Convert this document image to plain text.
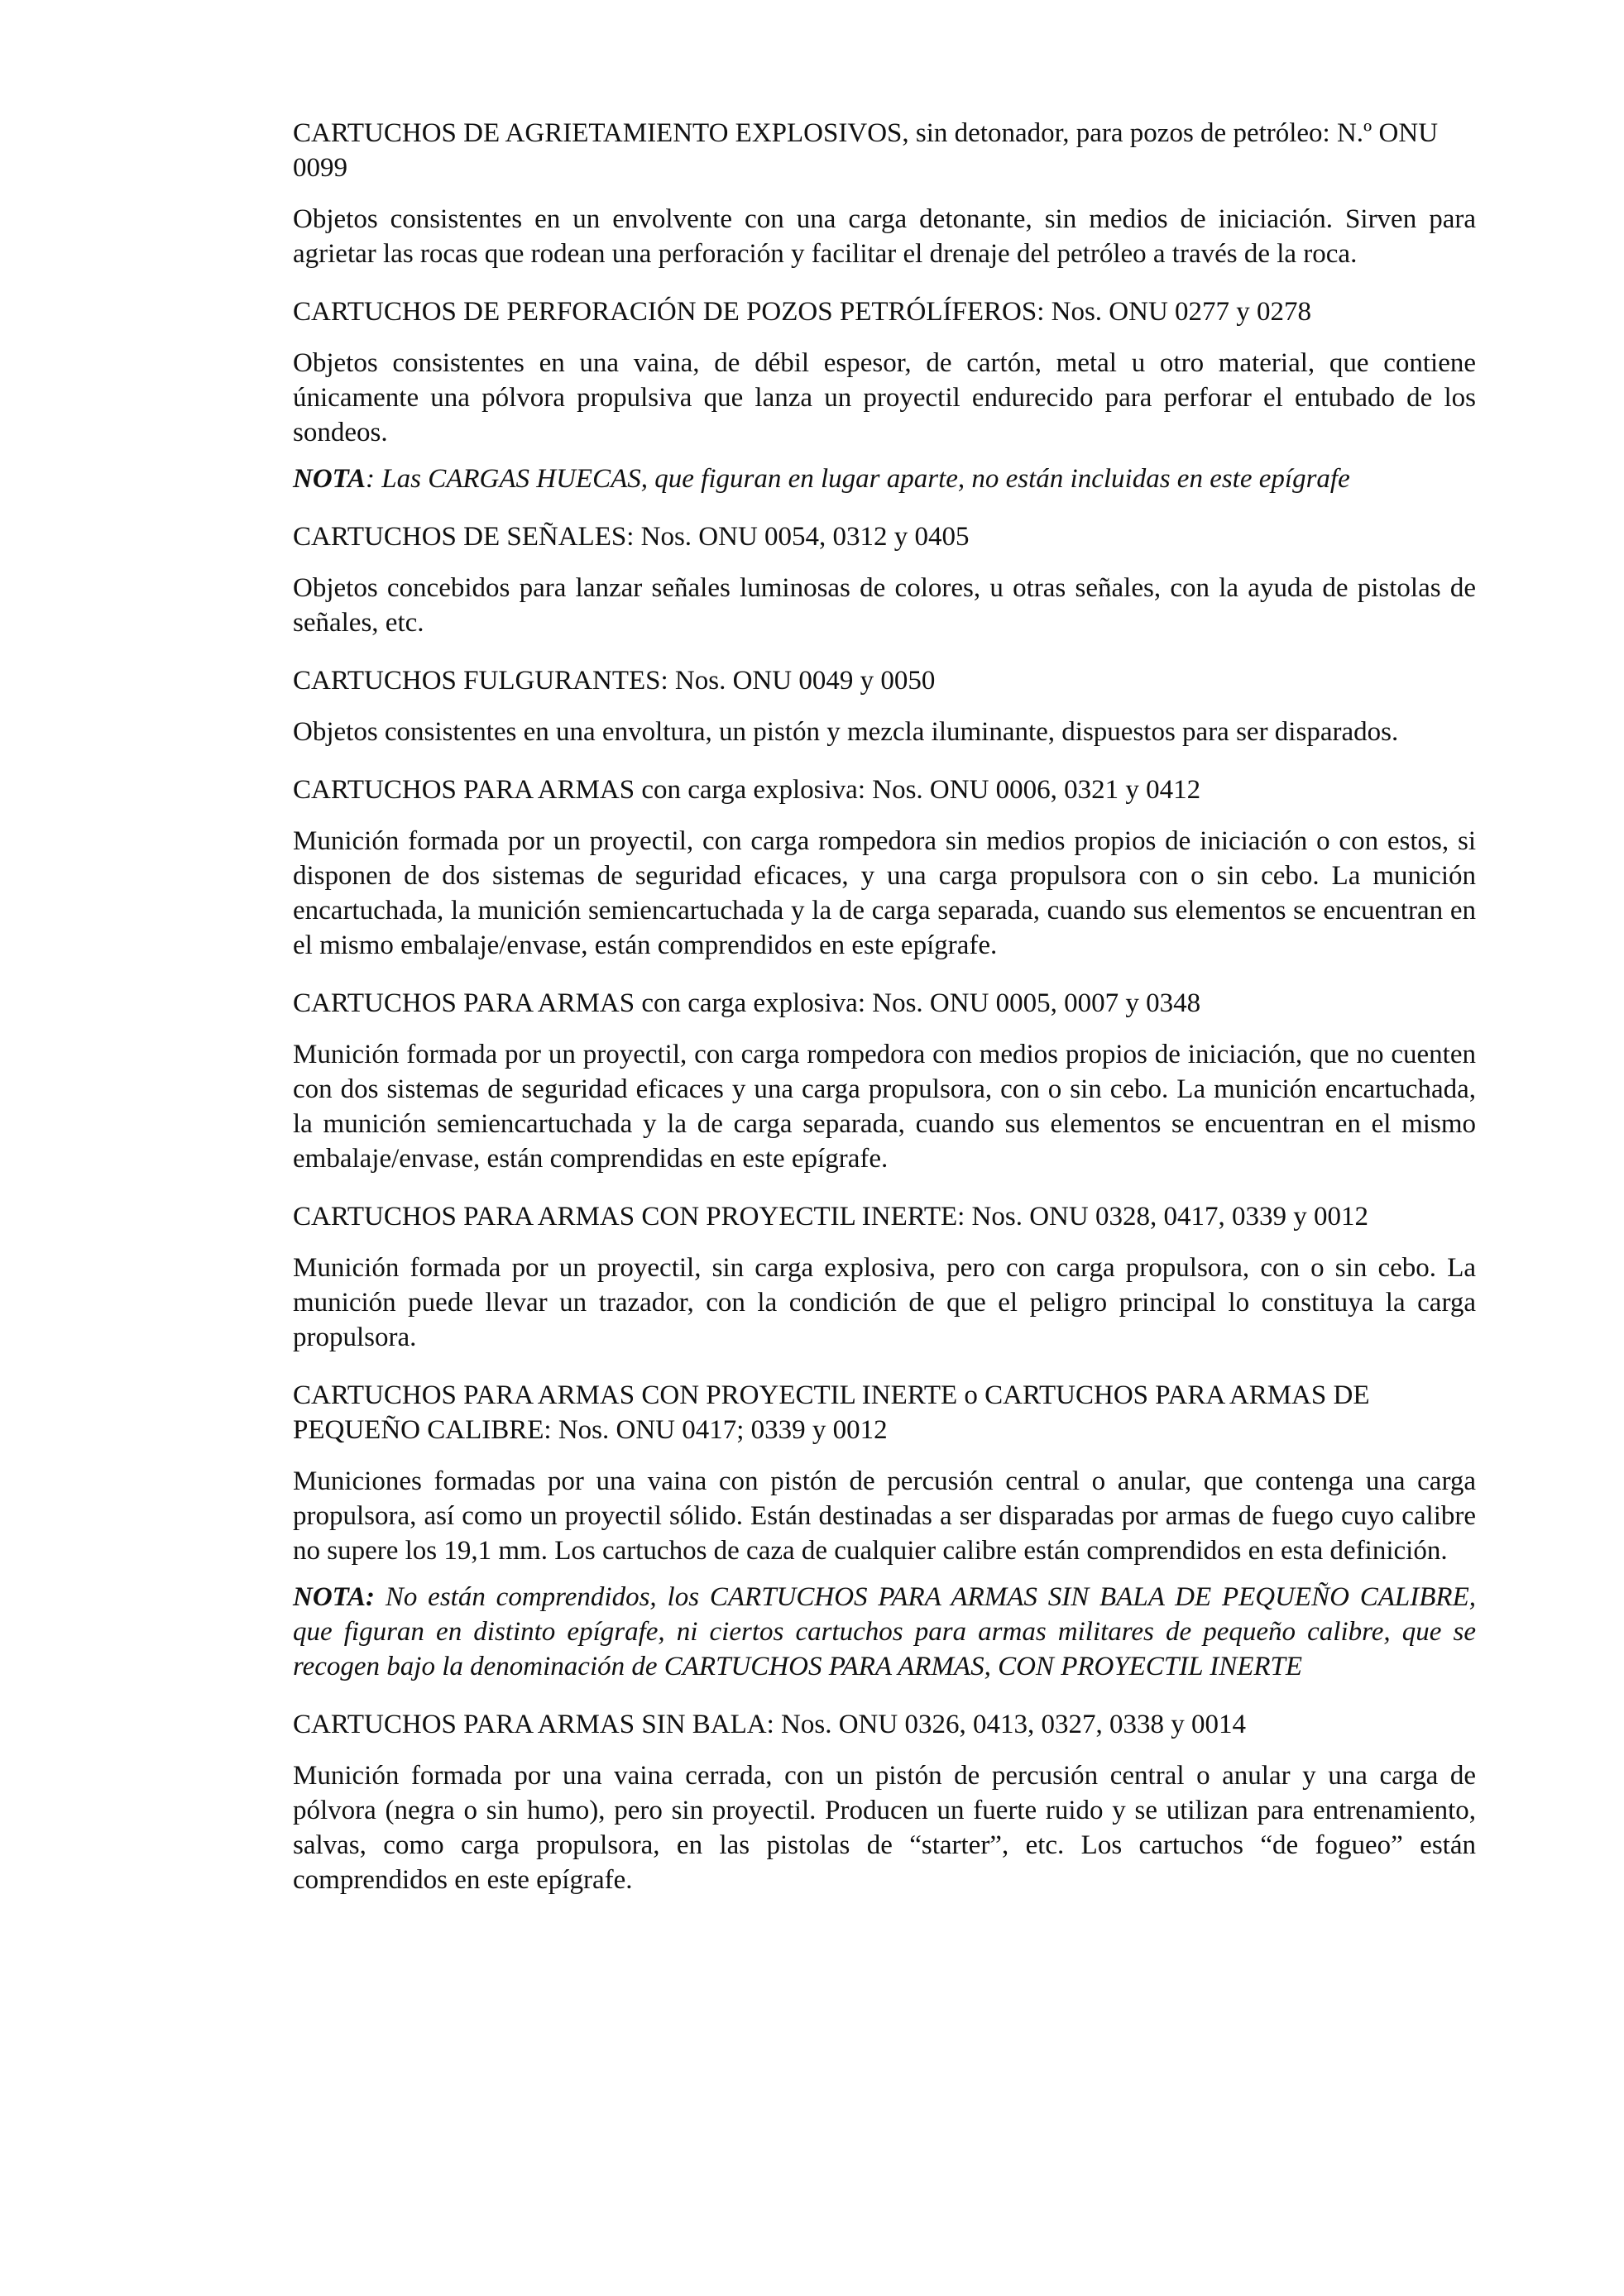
CARTUCHOS DE AGRIETAMIENTO EXPLOSIVOS, sin detonador, para pozos de petróleo: N.º ONU 0099

Objetos consistentes en un envolvente con una carga detonante, sin medios de iniciación. Sirven para agrietar las rocas que rodean una perforación y facilitar el drenaje del petróleo a través de la roca.

CARTUCHOS DE PERFORACIÓN DE POZOS PETRÓLÍFEROS: Nos. ONU 0277 y 0278

Objetos consistentes en una vaina, de débil espesor, de cartón, metal u otro material, que contiene únicamente una pólvora propulsiva que lanza un proyectil endurecido para perforar el entubado de los sondeos.

NOTA: Las CARGAS HUECAS, que figuran en lugar aparte, no están incluidas en este epígrafe

CARTUCHOS DE SEÑALES: Nos. ONU 0054, 0312 y 0405

Objetos concebidos para lanzar señales luminosas de colores, u otras señales, con la ayuda de pistolas de señales, etc.

CARTUCHOS FULGURANTES: Nos. ONU 0049 y 0050

Objetos consistentes en una envoltura, un pistón y mezcla iluminante, dispuestos para ser disparados.

CARTUCHOS PARA ARMAS con carga explosiva: Nos. ONU 0006, 0321 y 0412

Munición formada por un proyectil, con carga rompedora sin medios propios de iniciación o con estos, si disponen de dos sistemas de seguridad eficaces, y una carga propulsora con o sin cebo. La munición encartuchada, la munición semiencartuchada y la de carga separada, cuando sus elementos se encuentran en el mismo embalaje/envase, están comprendidos en este epígrafe.

CARTUCHOS PARA ARMAS con carga explosiva: Nos. ONU 0005, 0007 y 0348

Munición formada por un proyectil, con carga rompedora con medios propios de iniciación, que no cuenten con dos sistemas de seguridad eficaces y una carga propulsora, con o sin cebo. La munición encartuchada, la munición semiencartuchada y la de carga separada, cuando sus elementos se encuentran en el mismo embalaje/envase, están comprendidas en este epígrafe.

CARTUCHOS PARA ARMAS CON PROYECTIL INERTE: Nos. ONU 0328, 0417, 0339 y 0012

Munición formada por un proyectil, sin carga explosiva, pero con carga propulsora, con o sin cebo. La munición puede llevar un trazador, con la condición de que el peligro principal lo constituya la carga propulsora.

CARTUCHOS PARA ARMAS CON PROYECTIL INERTE o CARTUCHOS PARA ARMAS DE PEQUEÑO CALIBRE: Nos. ONU 0417; 0339 y 0012

Municiones formadas por una vaina con pistón de percusión central o anular, que contenga una carga propulsora, así como un proyectil sólido. Están destinadas a ser disparadas por armas de fuego cuyo calibre no supere los 19,1 mm. Los cartuchos de caza de cualquier calibre están comprendidos en esta definición.

NOTA: No están comprendidos, los CARTUCHOS PARA ARMAS SIN BALA DE PEQUEÑO CALIBRE, que figuran en distinto epígrafe, ni ciertos cartuchos para armas militares de pequeño calibre, que se recogen bajo la denominación de CARTUCHOS PARA ARMAS, CON PROYECTIL INERTE

CARTUCHOS PARA ARMAS SIN BALA: Nos. ONU 0326, 0413, 0327, 0338 y 0014

Munición formada por una vaina cerrada, con un pistón de percusión central o anular y una carga de pólvora (negra o sin humo), pero sin proyectil. Producen un fuerte ruido y se utilizan para entrenamiento, salvas, como carga propulsora, en las pistolas de “starter”, etc. Los cartuchos “de fogueo” están comprendidos en este epígrafe.
